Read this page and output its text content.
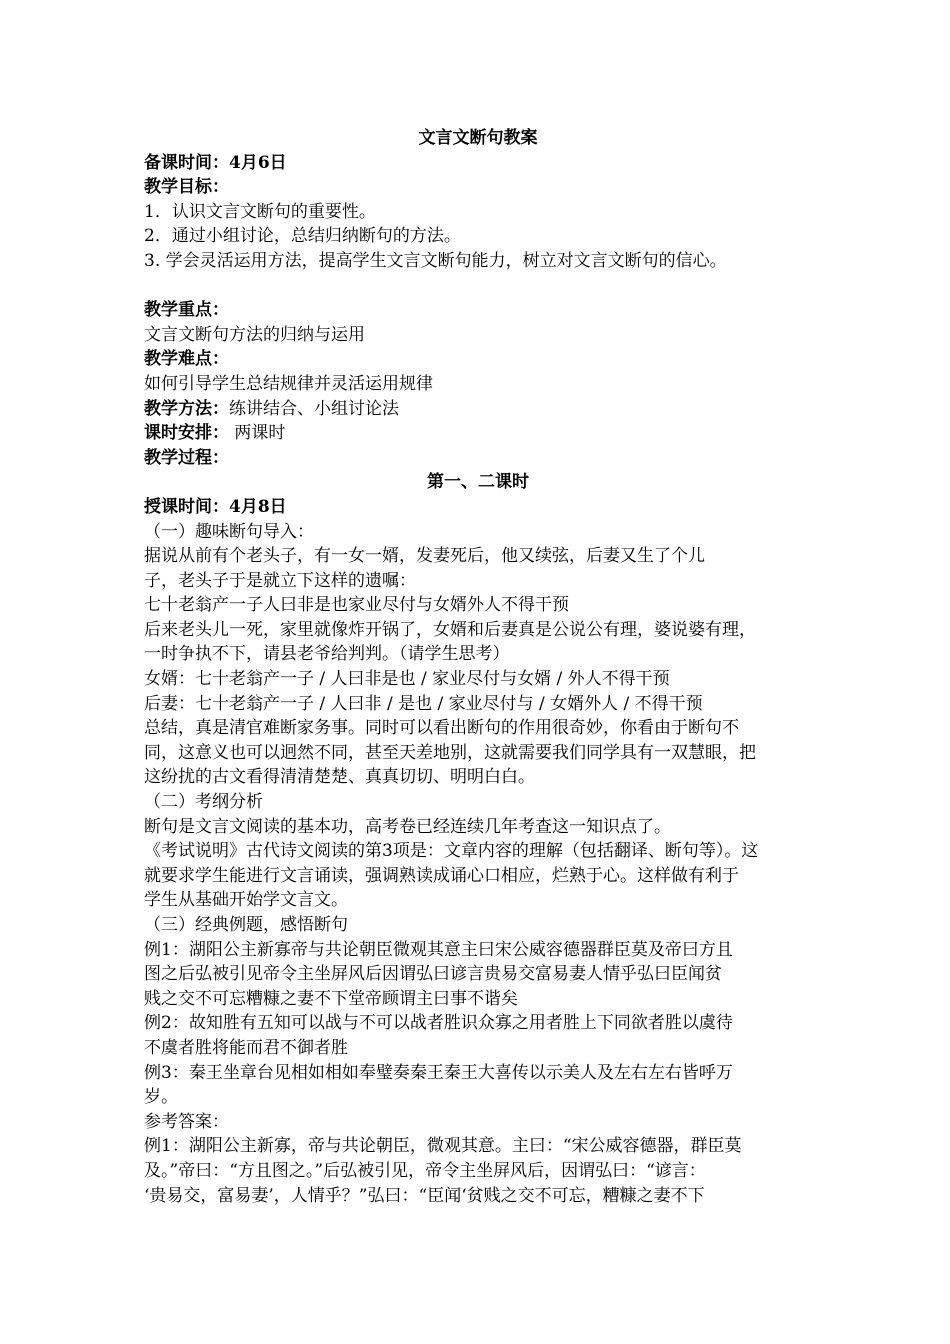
文言文断句教案
备课时间：4月6日
教学目标：
1．认识文言文断句的重要性。
2．通过小组讨论，总结归纳断句的方法。
3. 学会灵活运用方法，提高学生文言文断句能力，树立对文言文断句的信心。
教学重点：
文言文断句方法的归纳与运用
教学难点：
如何引导学生总结规律并灵活运用规律
教学方法：练讲结合、小组讨论法
课时安排： 两课时
教学过程：
第一、二课时
授课时间：4月8日
（一）趣味断句导入：
据说从前有个老头子，有一女一婿，发妻死后，他又续弦，后妻又生了个儿
子，老头子于是就立下这样的遗嘱：
七十老翁产一子人曰非是也家业尽付与女婿外人不得干预
后来老头儿一死，家里就像炸开锅了，女婿和后妻真是公说公有理，婆说婆有理，
一时争执不下，请县老爷给判判。（请学生思考）
女婿：七十老翁产一子 / 人曰非是也 / 家业尽付与女婿 / 外人不得干预
后妻：七十老翁产一子 / 人曰非 / 是也 / 家业尽付与 / 女婿外人 / 不得干预
总结，真是清官难断家务事。同时可以看出断句的作用很奇妙，你看由于断句不
同，这意义也可以迥然不同，甚至天差地别，这就需要我们同学具有一双慧眼，把
这纷扰的古文看得清清楚楚、真真切切、明明白白。
（二）考纲分析
断句是文言文阅读的基本功，高考卷已经连续几年考查这一知识点了。
《考试说明》古代诗文阅读的第3项是：文章内容的理解（包括翻译、断句等）。这
就要求学生能进行文言诵读，强调熟读成诵心口相应，烂熟于心。这样做有利于
学生从基础开始学文言文。
（三）经典例题，感悟断句
例1：湖阳公主新寡帝与共论朝臣微观其意主曰宋公威容德器群臣莫及帝曰方且
图之后弘被引见帝令主坐屏风后因谓弘曰谚言贵易交富易妻人情乎弘曰臣闻贫
贱之交不可忘糟糠之妻不下堂帝顾谓主曰事不谐矣
例2：故知胜有五知可以战与不可以战者胜识众寡之用者胜上下同欲者胜以虞待
不虞者胜将能而君不御者胜
例3：秦王坐章台见相如相如奉璧奏秦王秦王大喜传以示美人及左右左右皆呼万
岁。
参考答案：
例1：湖阳公主新寡，帝与共论朝臣，微观其意。主曰：“宋公威容德器，群臣莫
及。”帝曰：“方且图之。”后弘被引见，帝令主坐屏风后，因谓弘曰：“谚言：
‘贵易交，富易妻’，人情乎？”弘曰：“臣闻‘贫贱之交不可忘，糟糠之妻不下
